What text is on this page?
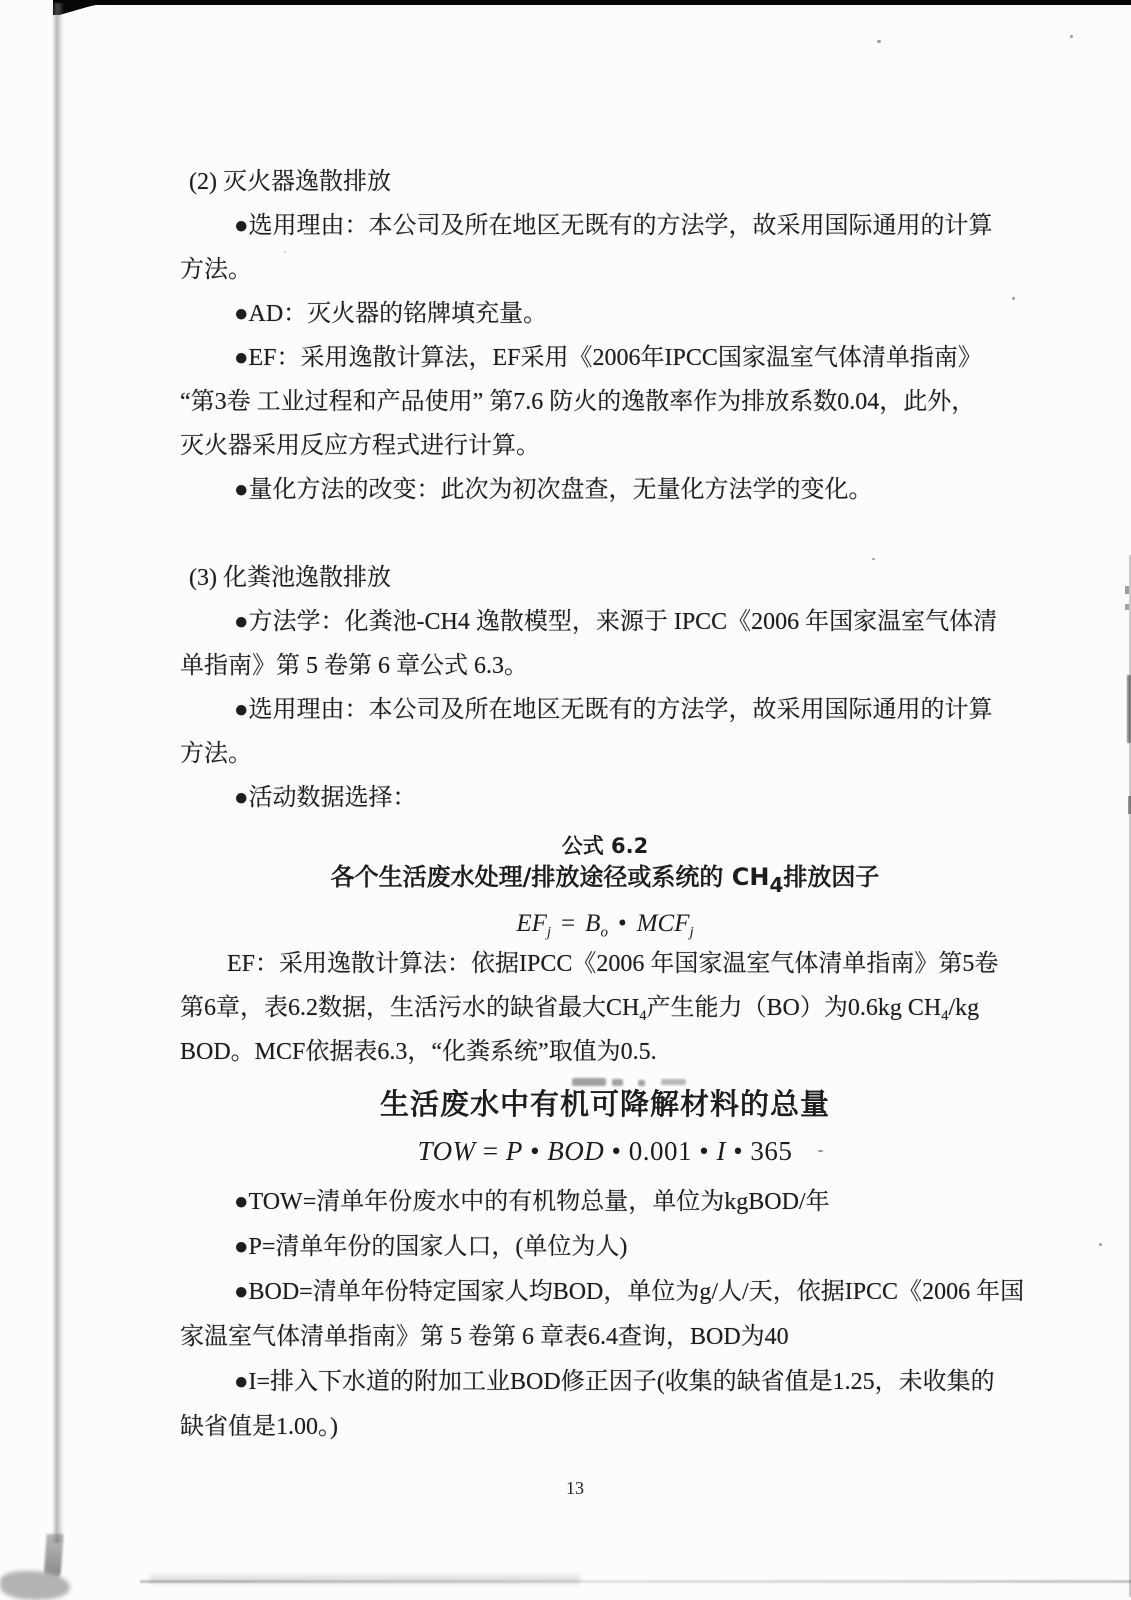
(2) 灭火器逸散排放
●选用理由：本公司及所在地区无既有的方法学，故采用国际通用的计算
方法。
●AD：灭火器的铭牌填充量。
●EF：采用逸散计算法，EF采用《2006年IPCC国家温室气体清单指南》
“第3卷 工业过程和产品使用” 第7.6 防火的逸散率作为排放系数0.04，此外，
灭火器采用反应方程式进行计算。
●量化方法的改变：此次为初次盘查，无量化方法学的变化。
(3) 化粪池逸散排放
●方法学：化粪池-CH4 逸散模型，来源于 IPCC《2006 年国家温室气体清
单指南》第 5 卷第 6 章公式 6.3。
●选用理由：本公司及所在地区无既有的方法学，故采用国际通用的计算
方法。
●活动数据选择：
公式 6.2
各个生活废水处理/排放途径或系统的 $CH_4$排放因子
$EF_j = B_o$ • $MCF_j$
EF：采用逸散计算法：依据IPCC《2006 年国家温室气体清单指南》第5卷
第6章，表6.2数据，生活污水的缺省最大$CH_4$产生能力（BO）为0.6kg $CH_4/kg$
BOD。MCF依据表6.3，“化粪系统”取值为0.5.
生活废水中有机可降解材料的总量
TOW = P • BOD • 0.001 • I • 365
●TOW=清单年份废水中的有机物总量，单位为kgBOD/年
●P=清单年份的国家人口，(单位为人)
●BOD=清单年份特定国家人均BOD，单位为g/人/天，依据IPCC《2006 年国
家温室气体清单指南》第 5 卷第 6 章表6.4查询，BOD为40
●I=排入下水道的附加工业BOD修正因子(收集的缺省值是1.25，未收集的
缺省值是1.00。)
13
